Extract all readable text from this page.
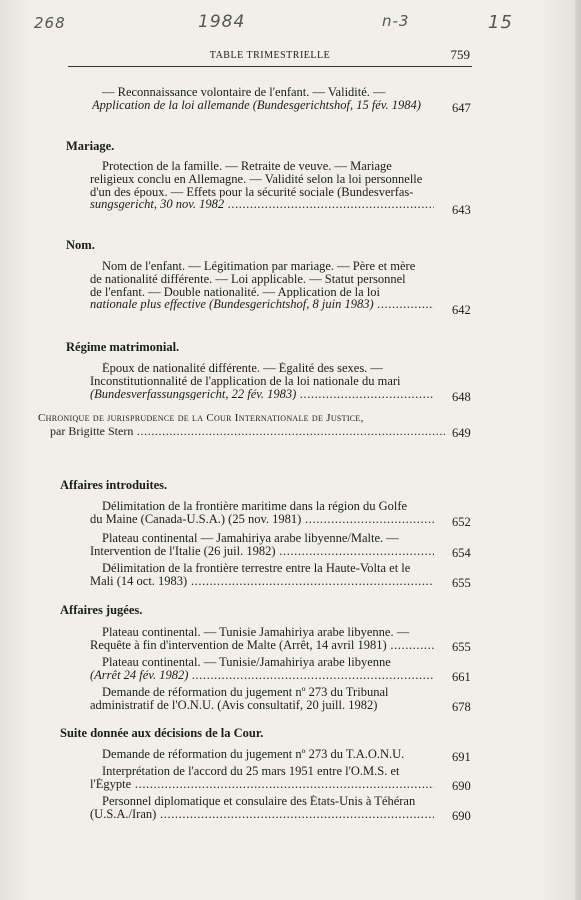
268	1984	n-3	15
TABLE TRIMESTRIELLE	759
— Reconnaissance volontaire de l'enfant. — Validité. —
Application de la loi allemande (Bundesgerichtshof, 15 fév. 1984)	647
Mariage.
Protection de la famille. — Retraite de veuve. — Mariage
religieux conclu en Allemagne. — Validité selon la loi personnelle
d'un des époux. — Effets pour la sécurité sociale (Bundesverfas-
sungsgericht, 30 nov. 1982 .....	643
Nom.
Nom de l'enfant. — Légitimation par mariage. — Père et mère
de nationalité différente. — Loi applicable. — Statut personnel
de l'enfant. — Double nationalité. — Application de la loi
nationale plus effective (Bundesgerichtshof, 8 juin 1983) .....	642
Régime matrimonial.
Époux de nationalité différente. — Égalité des sexes. —
Inconstitutionnalité de l'application de la loi nationale du mari
(Bundesverfassungsgericht, 22 fév. 1983) .....	648
Chronique de jurisprudence de la Cour Internationale de Justice,
par Brigitte Stern .....	649
Affaires introduites.
Délimitation de la frontière maritime dans la région du Golfe
du Maine (Canada-U.S.A.) (25 nov. 1981) .....	652
Plateau continental — Jamahiriya arabe libyenne/Malte. —
Intervention de l'Italie (26 juil. 1982) .....	654
Délimitation de la frontière terrestre entre la Haute-Volta et le
Mali (14 oct. 1983) .....	655
Affaires jugées.
Plateau continental. — Tunisie Jamahiriya arabe libyenne. —
Requête à fin d'intervention de Malte (Arrêt, 14 avril 1981) .....	655
Plateau continental. — Tunisie/Jamahiriya arabe libyenne
(Arrêt 24 fév. 1982) .....	661
Demande de réformation du jugement nº 273 du Tribunal
administratif de l'O.N.U. (Avis consultatif, 20 juill. 1982)	678
Suite donnée aux décisions de la Cour.
Demande de réformation du jugement nº 273 du T.A.O.N.U.	691
Interprétation de l'accord du 25 mars 1951 entre l'O.M.S. et
l'Égypte .....	690
Personnel diplomatique et consulaire des États-Unis à Téhéran
(U.S.A./Iran) .....	690
